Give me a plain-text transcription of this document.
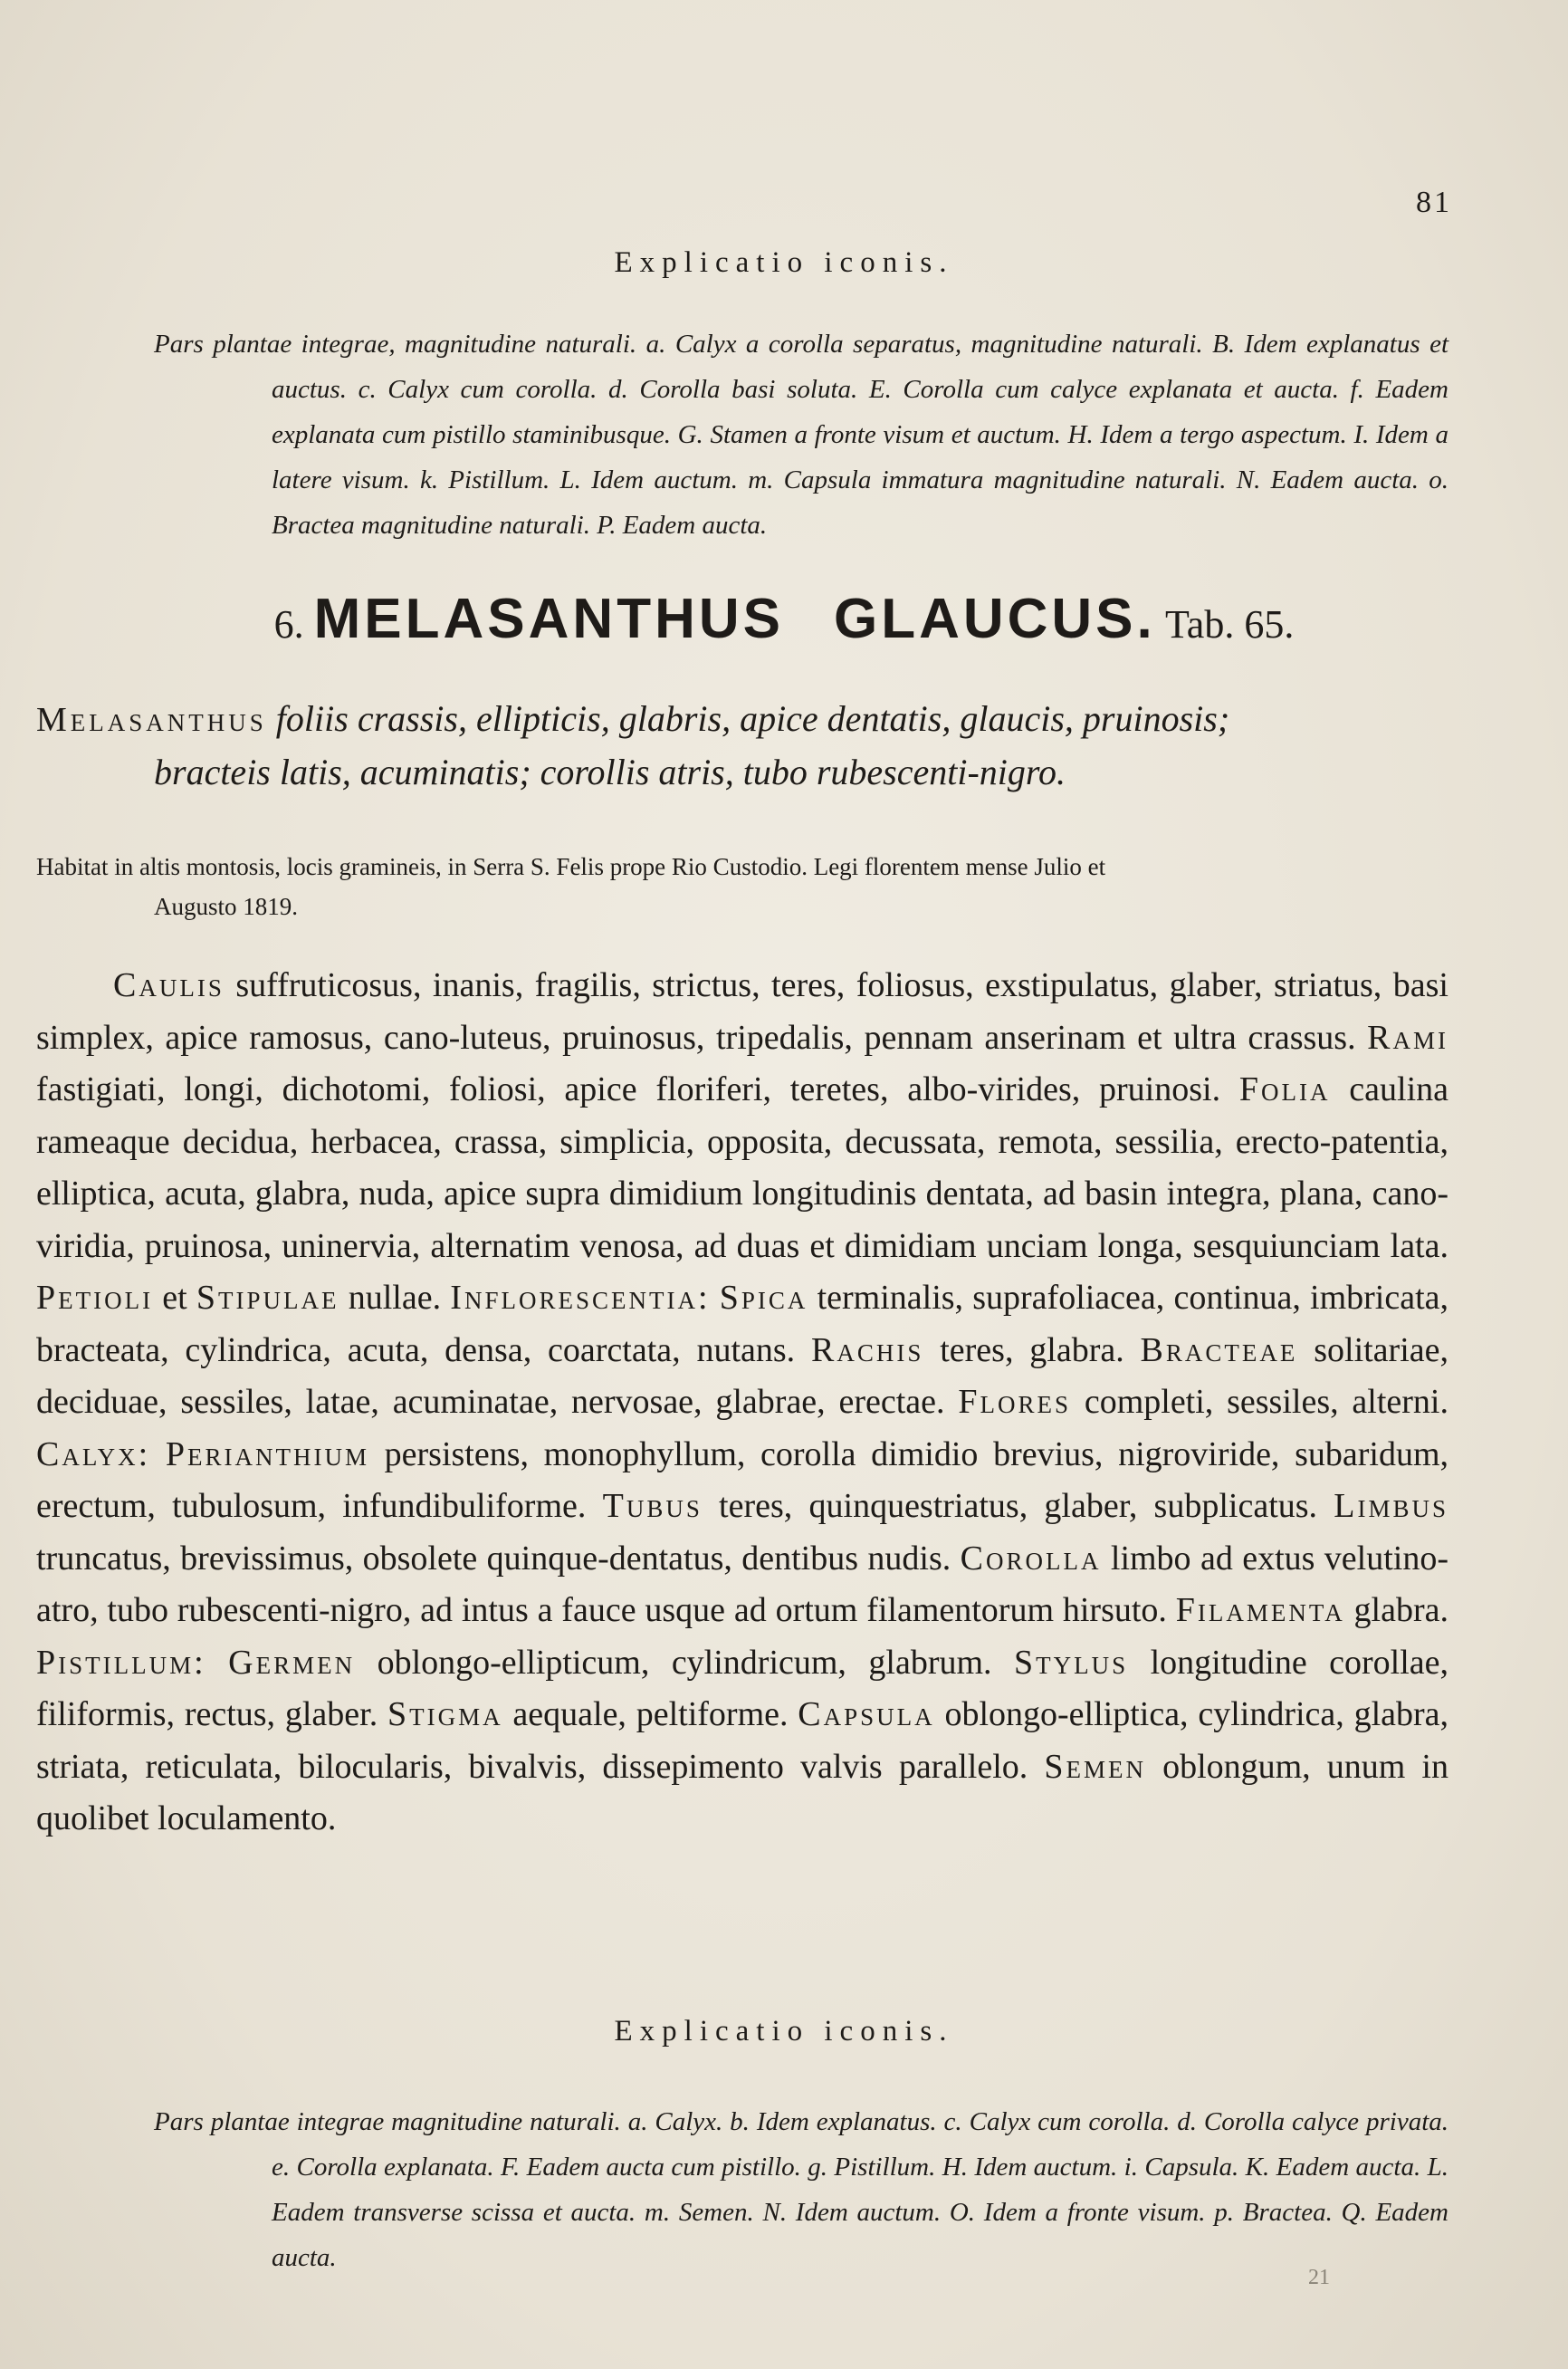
81
Explicatio iconis.
Pars plantae integrae, magnitudine naturali. a. Calyx a corolla separatus, magnitudine naturali. B. Idem explanatus et auctus. c. Calyx cum corolla. d. Corolla basi soluta. E. Corolla cum calyce explanata et aucta. f. Eadem explanata cum pistillo staminibusque. G. Stamen a fronte visum et auctum. H. Idem a tergo aspectum. I. Idem a latere visum. k. Pistillum. L. Idem auctum. m. Capsula immatura magnitudine naturali. N. Eadem aucta. o. Bractea magnitudine naturali. P. Eadem aucta.
6. MELASANTHUS GLAUCUS. Tab. 65.
Melasanthus foliis crassis, ellipticis, glabris, apice dentatis, glaucis, pruinosis;
bracteis latis, acuminatis; corollis atris, tubo rubescenti-nigro.
Habitat in altis montosis, locis gramineis, in Serra S. Felis prope Rio Custodio. Legi florentem mense Julio et
Augusto 1819.
Caulis suffruticosus, inanis, fragilis, strictus, teres, foliosus, exstipulatus, glaber, striatus, basi simplex, apice ramosus, cano-luteus, pruinosus, tripedalis, pennam anserinam et ultra crassus. Rami fastigiati, longi, dichotomi, foliosi, apice floriferi, teretes, albo-virides, pruinosi. Folia caulina rameaque decidua, herbacea, crassa, simplicia, opposita, decussata, remota, sessilia, erecto-patentia, elliptica, acuta, glabra, nuda, apice supra dimidium longitudinis dentata, ad basin integra, plana, cano-viridia, pruinosa, uninervia, alternatim venosa, ad duas et dimidiam unciam longa, sesquiunciam lata. Petioli et Stipulae nullae. Inflorescentia: Spica terminalis, suprafoliacea, continua, imbricata, bracteata, cylindrica, acuta, densa, coarctata, nutans. Rachis teres, glabra. Bracteae solitariae, deciduae, sessiles, latae, acuminatae, nervosae, glabrae, erectae. Flores completi, sessiles, alterni. Calyx: Perianthium persistens, monophyllum, corolla dimidio brevius, nigroviride, subaridum, erectum, tubulosum, infundibuliforme. Tubus teres, quinquestriatus, glaber, subplicatus. Limbus truncatus, brevissimus, obsolete quinque-dentatus, dentibus nudis. Corolla limbo ad extus velutino-atro, tubo rubescenti-nigro, ad intus a fauce usque ad ortum filamentorum hirsuto. Filamenta glabra. Pistillum: Germen oblongo-ellipticum, cylindricum, glabrum. Stylus longitudine corollae, filiformis, rectus, glaber. Stigma aequale, peltiforme. Capsula oblongo-elliptica, cylindrica, glabra, striata, reticulata, bilocularis, bivalvis, dissepimento valvis parallelo. Semen oblongum, unum in quolibet loculamento.
Explicatio iconis.
Pars plantae integrae magnitudine naturali. a. Calyx. b. Idem explanatus. c. Calyx cum corolla. d. Corolla calyce privata. e. Corolla explanata. F. Eadem aucta cum pistillo. g. Pistillum. H. Idem auctum. i. Capsula. K. Eadem aucta. L. Eadem transverse scissa et aucta. m. Semen. N. Idem auctum. O. Idem a fronte visum. p. Bractea. Q. Eadem aucta.
21
